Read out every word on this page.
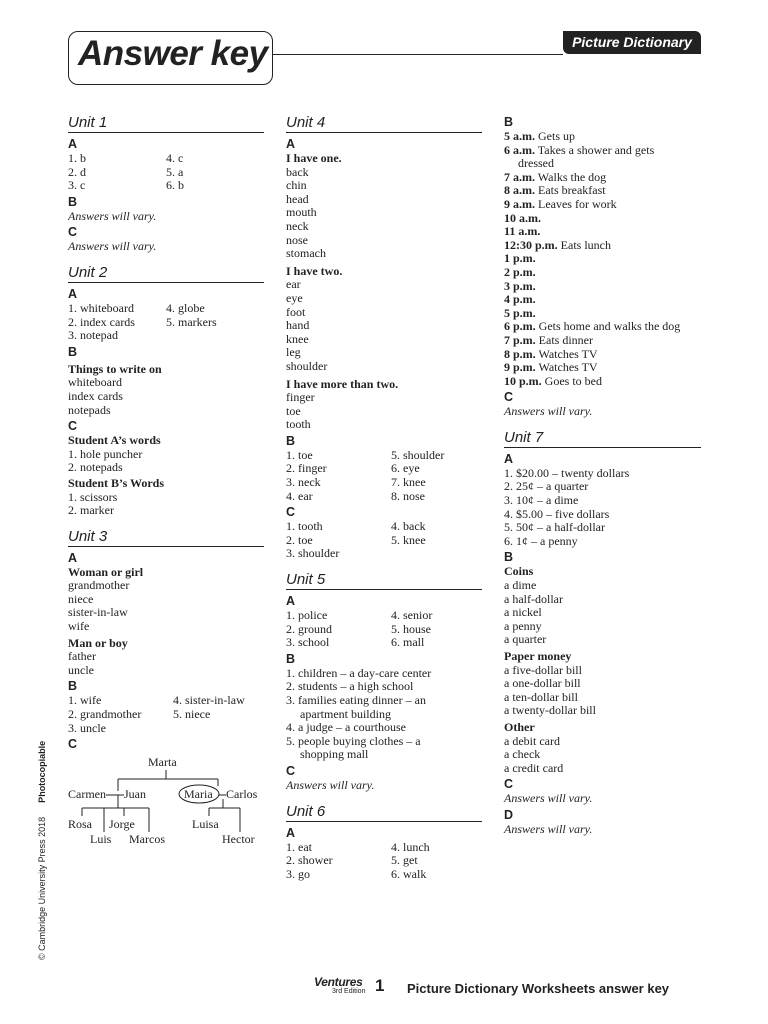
Answer key	Picture Dictionary
Unit 1
A
1. b
2. d
3. c
4. c
5. a
6. b
B
Answers will vary.
C
Answers will vary.
Unit 2
A
1. whiteboard
2. index cards
3. notepad
4. globe
5. markers
B
Things to write on
whiteboard
index cards
notepads
C
Student A’s words
1. hole puncher
2. notepads
Student B’s Words
1. scissors
2. marker
Unit 3
A
Woman or girl
grandmother
niece
sister-in-law
wife
Man or boy
father
uncle
B
1. wife
2. grandmother
3. uncle
4. sister-in-law
5. niece
C
Marta
Carmen Juan	Maria Carlos
Rosa Jorge
Luis Marcos
Luisa
Hector
Unit 4
A
I have one.
back
chin
head
mouth
neck
nose
stomach
I have two.
ear
eye
foot
hand
knee
leg
shoulder
I have more than two.
finger
toe
tooth
B
1. toe
2. finger
3. neck
4. ear
5. shoulder
6. eye
7. knee
8. nose
C
1. tooth
2. toe
3. shoulder
4. back
5. knee
Unit 5
A
1. police
2. ground
3. school
4. senior
5. house
6. mall
B
1. children – a day-care center
2. students – a high school
3. families eating dinner – an
apartment building
4. a judge – a courthouse
5. people buying clothes – a
shopping mall
C
Answers will vary.
Unit 6
A
1. eat
2. shower
3. go
4. lunch
5. get
6. walk
B
5 a.m. Gets up
6 a.m. Takes a shower and gets
dressed
7 a.m. Walks the dog
8 a.m. Eats breakfast
9 a.m. Leaves for work
10 a.m.
11 a.m.
12:30 p.m. Eats lunch
1 p.m.
2 p.m.
3 p.m.
4 p.m.
5 p.m.
6 p.m. Gets home and walks the dog
7 p.m. Eats dinner
8 p.m. Watches TV
9 p.m. Watches TV
10 p.m. Goes to bed
C
Answers will vary.
Unit 7
A
1. $20.00 – twenty dollars
2. 25¢ – a quarter
3. 10¢ – a dime
4. $5.00 – five dollars
5. 50¢ – a half-dollar
6. 1¢ – a penny
B
Coins
a dime
a half-dollar
a nickel
a penny
a quarter
Paper money
a five-dollar bill
a one-dollar bill
a ten-dollar bill
a twenty-dollar bill
Other
a debit card
a check
a credit card
C
Answers will vary.
D
Answers will vary.
© Cambridge University Press 2018Photocopiable
Ventures
3rd Edition 1 Picture Dictionary Worksheets answer key
